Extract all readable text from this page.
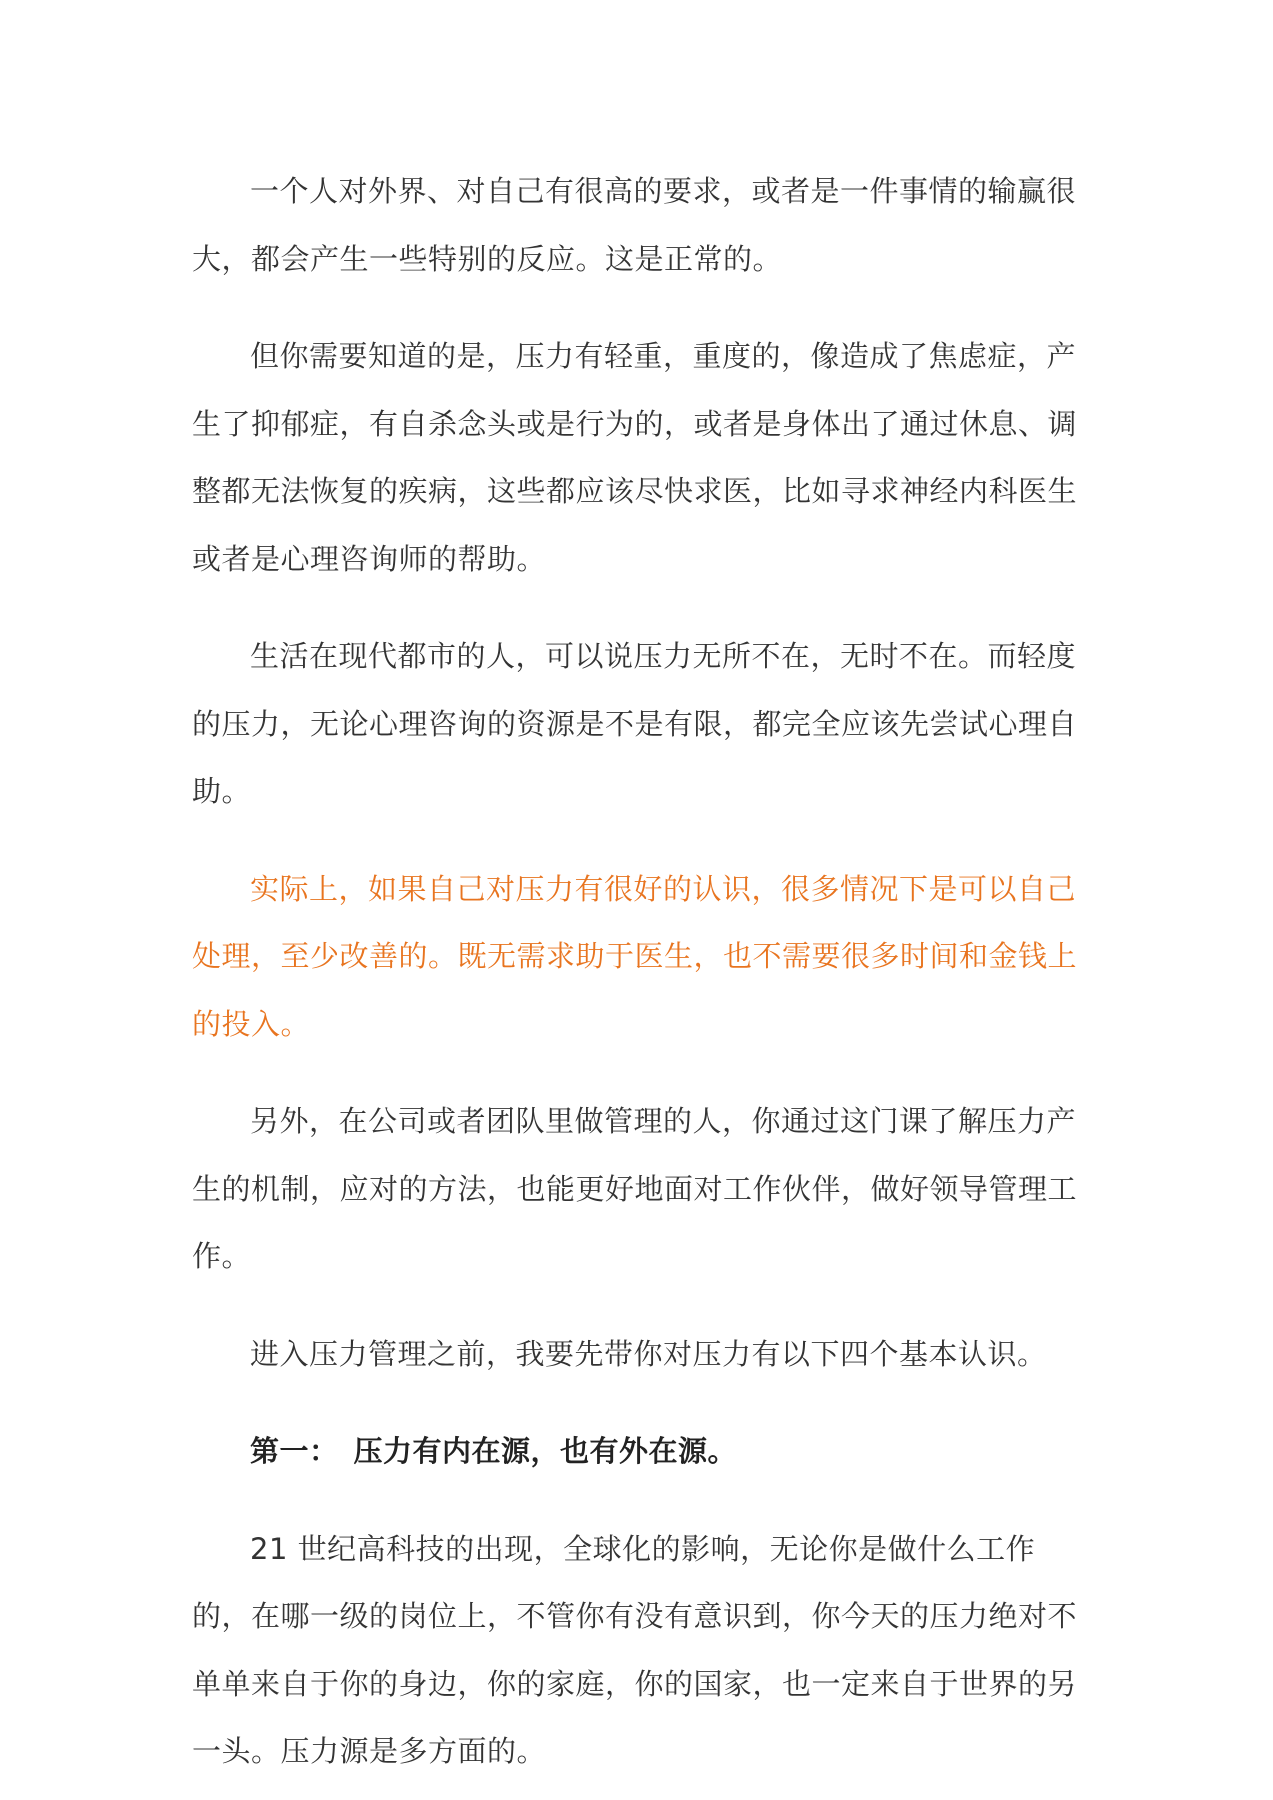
一个人对外界、对自己有很高的要求，或者是一件事情的输赢很大，都会产生一些特别的反应。这是正常的。

但你需要知道的是，压力有轻重，重度的，像造成了焦虑症，产生了抑郁症，有自杀念头或是行为的，或者是身体出了通过休息、调整都无法恢复的疾病，这些都应该尽快求医，比如寻求神经内科医生或者是心理咨询师的帮助。

生活在现代都市的人，可以说压力无所不在，无时不在。而轻度的压力，无论心理咨询的资源是不是有限，都完全应该先尝试心理自助。

实际上，如果自己对压力有很好的认识，很多情况下是可以自己处理，至少改善的。既无需求助于医生，也不需要很多时间和金钱上的投入。

另外，在公司或者团队里做管理的人，你通过这门课了解压力产生的机制，应对的方法，也能更好地面对工作伙伴，做好领导管理工作。

进入压力管理之前，我要先带你对压力有以下四个基本认识。

第一：　压力有内在源，也有外在源。

21 世纪高科技的出现，全球化的影响，无论你是做什么工作的，在哪一级的岗位上，不管你有没有意识到，你今天的压力绝对不单单来自于你的身边，你的家庭，你的国家，也一定来自于世界的另一头。压力源是多方面的。
